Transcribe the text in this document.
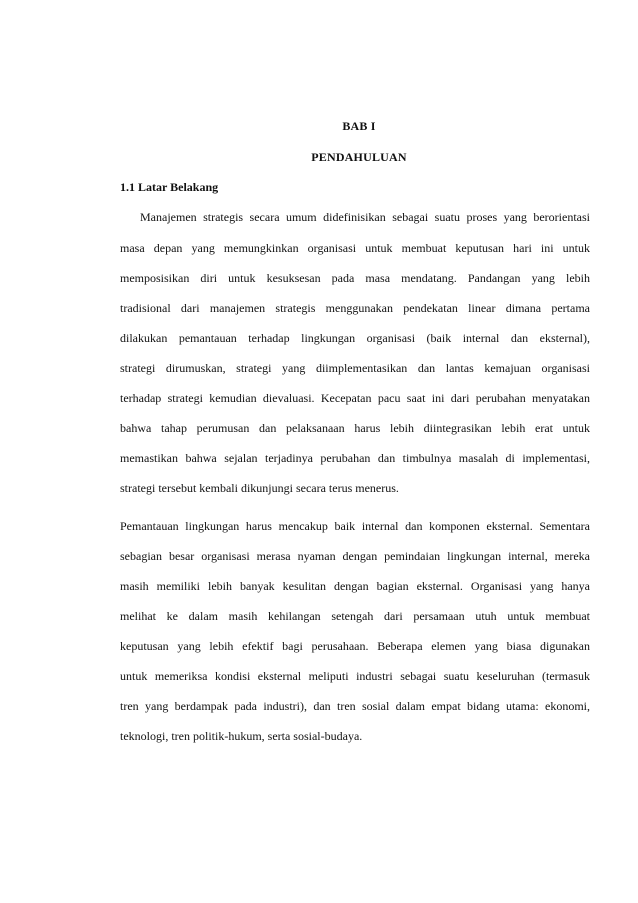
BAB I
PENDAHULUAN
1.1 Latar Belakang
Manajemen strategis secara umum didefinisikan sebagai suatu proses yang berorientasi
masa depan yang memungkinkan organisasi untuk membuat keputusan hari ini untuk
memposisikan diri untuk kesuksesan pada masa mendatang. Pandangan yang lebih
tradisional dari manajemen strategis menggunakan pendekatan linear dimana pertama
dilakukan pemantauan terhadap lingkungan organisasi (baik internal dan eksternal),
strategi dirumuskan, strategi yang diimplementasikan dan lantas kemajuan organisasi
terhadap strategi kemudian dievaluasi. Kecepatan pacu saat ini dari perubahan menyatakan
bahwa tahap perumusan dan pelaksanaan harus lebih diintegrasikan lebih erat untuk
memastikan bahwa sejalan terjadinya perubahan dan timbulnya masalah di implementasi,
strategi tersebut kembali dikunjungi secara terus menerus.
Pemantauan lingkungan harus mencakup baik internal dan komponen eksternal. Sementara
sebagian besar organisasi merasa nyaman dengan pemindaian lingkungan internal, mereka
masih memiliki lebih banyak kesulitan dengan bagian eksternal. Organisasi yang hanya
melihat ke dalam masih kehilangan setengah dari persamaan utuh untuk membuat
keputusan yang lebih efektif bagi perusahaan. Beberapa elemen yang biasa digunakan
untuk memeriksa kondisi eksternal meliputi industri sebagai suatu keseluruhan (termasuk
tren yang berdampak pada industri), dan tren sosial dalam empat bidang utama: ekonomi,
teknologi, tren politik-hukum, serta sosial-budaya.
